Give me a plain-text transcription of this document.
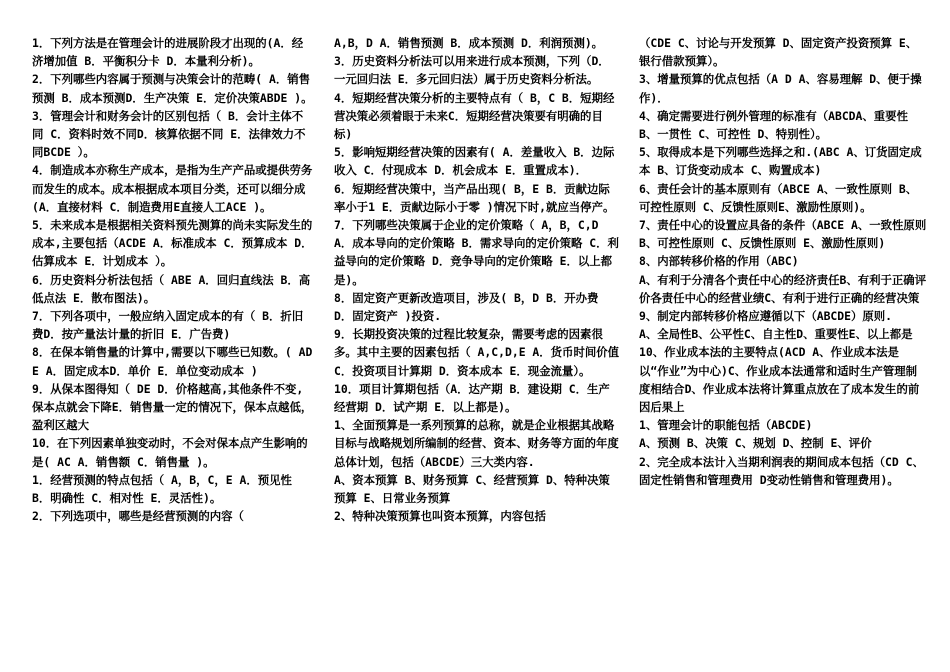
1．下列方法是在管理会计的进展阶段才出现的(A．经济增加值 B．平衡积分卡 D．本量利分析)。

2．下列哪些内容属于预测与决策会计的范畴( A．销售预测 B．成本预测D．生产决策 E．定价决策ABDE )。

3．管理会计和财务会计的区别包括（ B．会计主体不同 C．资料时效不同D．核算依据不同 E．法律效力不同BCDE ）。

4．制造成本亦称生产成本，是指为生产产品或提供劳务而发生的成本。成本根据成本项目分类，还可以细分成(A．直接材料 C．制造费用E直接人工ACE )。

5．未来成本是根据相关资料预先测算的尚未实际发生的成本,主要包括（ACDE A．标准成本 C．预算成本 D．估算成本 E．计划成本 ）。

6．历史资料分析法包括（ ABE A．回归直线法 B．高低点法 E．散布图法)。

7．下列各项中，一般应纳入固定成本的有（ B．折旧费D．按产量法计量的折旧 E．广告费)

8．在保本销售量的计算中,需要以下哪些已知数。( ADE A．固定成本D．单价 E．单位变动成本 )

9．从保本图得知（ DE D．价格越高,其他条件不变,保本点就会下降E．销售量一定的情况下，保本点越低，盈利区越大

10．在下列因素单独变动时，不会对保本点产生影响的是( AC A．销售额 C．销售量 )。

1．经营预测的特点包括（ A，B，C，E A．预见性 B．明确性 C．相对性 E．灵活性)。

2．下列选项中，哪些是经营预测的内容（

A,B，D A．销售预测 B．成本预测 D．利润预测)。

3．历史资料分析法可以用来进行成本预测，下列（D．一元回归法 E．多元回归法）属于历史资料分析法。

4．短期经营决策分析的主要特点有（ B，C B．短期经营决策必须着眼于未来C．短期经营决策要有明确的目标)

5．影响短期经营决策的因素有( A．差量收入 B．边际收入 C．付现成本 D．机会成本 E．重置成本)．

6．短期经营决策中，当产品出现( B，E B．贡献边际率小于1 E．贡献边际小于零 )情况下时,就应当停产。

7．下列哪些决策属于企业的定价策略（ A，B，C,D A．成本导向的定价策略 B．需求导向的定价策略 C．利益导向的定价策略 D．竞争导向的定价策略 E．以上都是)。

8．固定资产更新改造项目，涉及( B，D B．开办费 D．固定资产 )投资.

9．长期投资决策的过程比较复杂，需要考虑的因素很多。其中主要的因素包括（ A,C,D,E A．货币时间价值 C．投资项目计算期 D．资本成本 E．现金流量）。

10．项目计算期包括（A．达产期 B．建设期 C．生产经营期 D．试产期 E．以上都是)。

1、全面预算是一系列预算的总称，就是企业根据其战略目标与战略规划所编制的经营、资本、财务等方面的年度总体计划，包括（ABCDE）三大类内容.

A、资本预算 B、财务预算 C、经营预算 D、特种决策预算 E、日常业务预算

2、特种决策预算也叫资本预算，内容包括

（CDE C、讨论与开发预算 D、固定资产投资预算 E、银行借款预算）。

3、增量预算的优点包括（A D A、容易理解 D、便于操作)．

4、确定需要进行例外管理的标准有（ABCDA、重要性 B、一贯性 C、可控性 D、特别性）。

5、取得成本是下列哪些选择之和.(ABC A、订货固定成本 B、订货变动成本 C、购置成本)

6、责任会计的基本原则有（ABCE A、一致性原则 B、可控性原则 C、反馈性原则E、激励性原则)。

7、责任中心的设置应具备的条件（ABCE A、一致性原则 B、可控性原则 C、反馈性原则 E、激励性原则)

8、内部转移价格的作用（ABC)

A、有利于分清各个责任中心的经济责任B、有利于正确评价各责任中心的经营业绩C、有利于进行正确的经营决策

9、制定内部转移价格应遵循以下（ABCDE）原则.

A、全局性B、公平性C、自主性D、重要性E、以上都是

10、作业成本法的主要特点(ACD A、作业成本法是以“作业”为中心)C、作业成本法通常和适时生产管理制度相结合D、作业成本法将计算重点放在了成本发生的前因后果上

1、管理会计的职能包括（ABCDE)

A、预测 B、决策 C、规划 D、控制 E、评价

2、完全成本法计入当期利润表的期间成本包括（CD C、固定性销售和管理费用 D变动性销售和管理费用)。
